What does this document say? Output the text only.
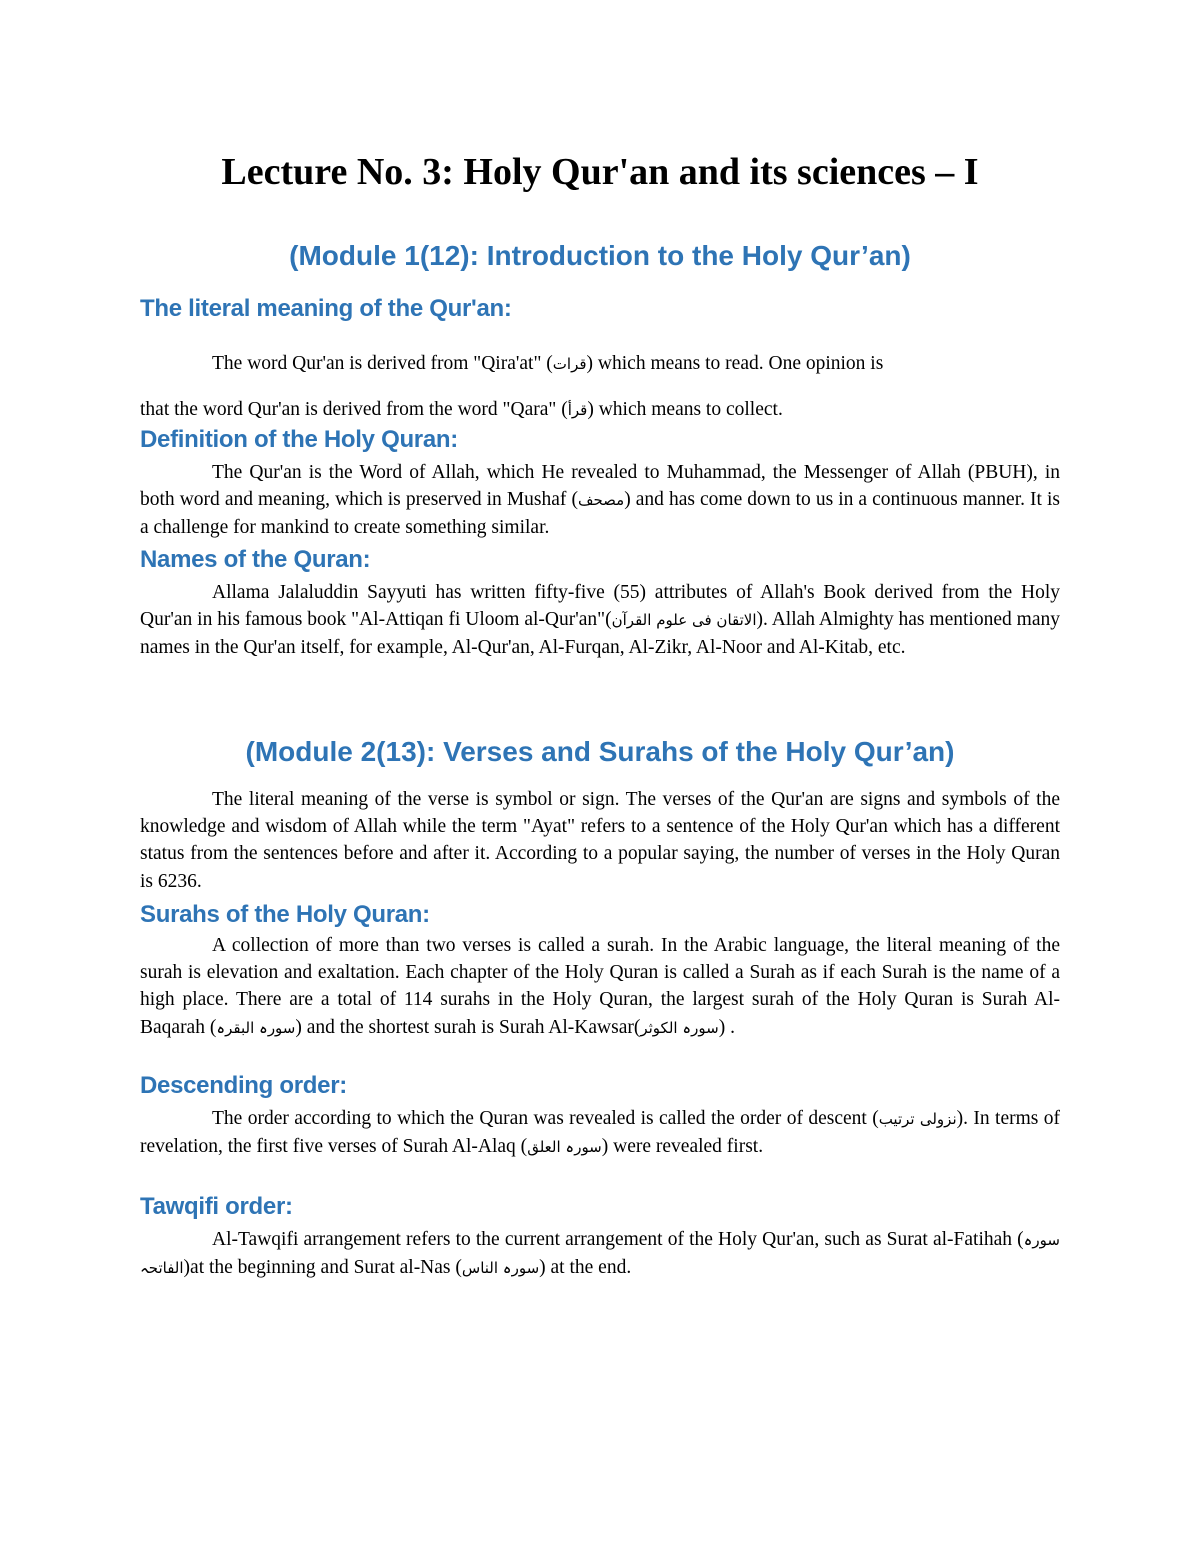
Lecture No. 3: Holy Qur'an and its sciences – I
(Module 1(12): Introduction to the Holy Qur’an)
The literal meaning of the Qur'an:

The word Qur'an is derived from "Qira'at" (قرات) which means to read. One opinion is
that the word Qur'an is derived from the word "Qara" (قرأ) which means to collect.

Definition of the Holy Quran:

The Qur'an is the Word of Allah, which He revealed to Muhammad, the Messenger of Allah (PBUH), in both word and meaning, which is preserved in Mushaf (مصحف) and has come down to us in a continuous manner. It is a challenge for mankind to create something similar.

Names of the Quran:

Allama Jalaluddin Sayyuti has written fifty-five (55) attributes of Allah's Book derived from the Holy Qur'an in his famous book "Al-Attiqan fi Uloom al-Qur'an"(الاتقان فی علوم القرآن). Allah Almighty has mentioned many names in the Qur'an itself, for example, Al-Qur'an, Al-Furqan, Al-Zikr, Al-Noor and Al-Kitab, etc.

(Module 2(13): Verses and Surahs of the Holy Qur’an)

The literal meaning of the verse is symbol or sign. The verses of the Qur'an are signs and symbols of the knowledge and wisdom of Allah while the term "Ayat" refers to a sentence of the Holy Qur'an which has a different status from the sentences before and after it. According to a popular saying, the number of verses in the Holy Quran is 6236.

Surahs of the Holy Quran:

A collection of more than two verses is called a surah. In the Arabic language, the literal meaning of the surah is elevation and exaltation. Each chapter of the Holy Quran is called a Surah as if each Surah is the name of a high place. There are a total of 114 surahs in the Holy Quran, the largest surah of the Holy Quran is Surah Al-Baqarah (سورہ البقرہ) and the shortest surah is Surah Al-Kawsar(سورہ الکوثر) .

Descending order:

The order according to which the Quran was revealed is called the order of descent (نزولی ترتیب). In terms of revelation, the first five verses of Surah Al-Alaq (سورہ العلق) were revealed first.

Tawqifi order:

Al-Tawqifi arrangement refers to the current arrangement of the Holy Qur'an, such as Surat al-Fatihah (سورہ الفاتحہ)at the beginning and Surat al-Nas (سورہ الناس) at the end.
